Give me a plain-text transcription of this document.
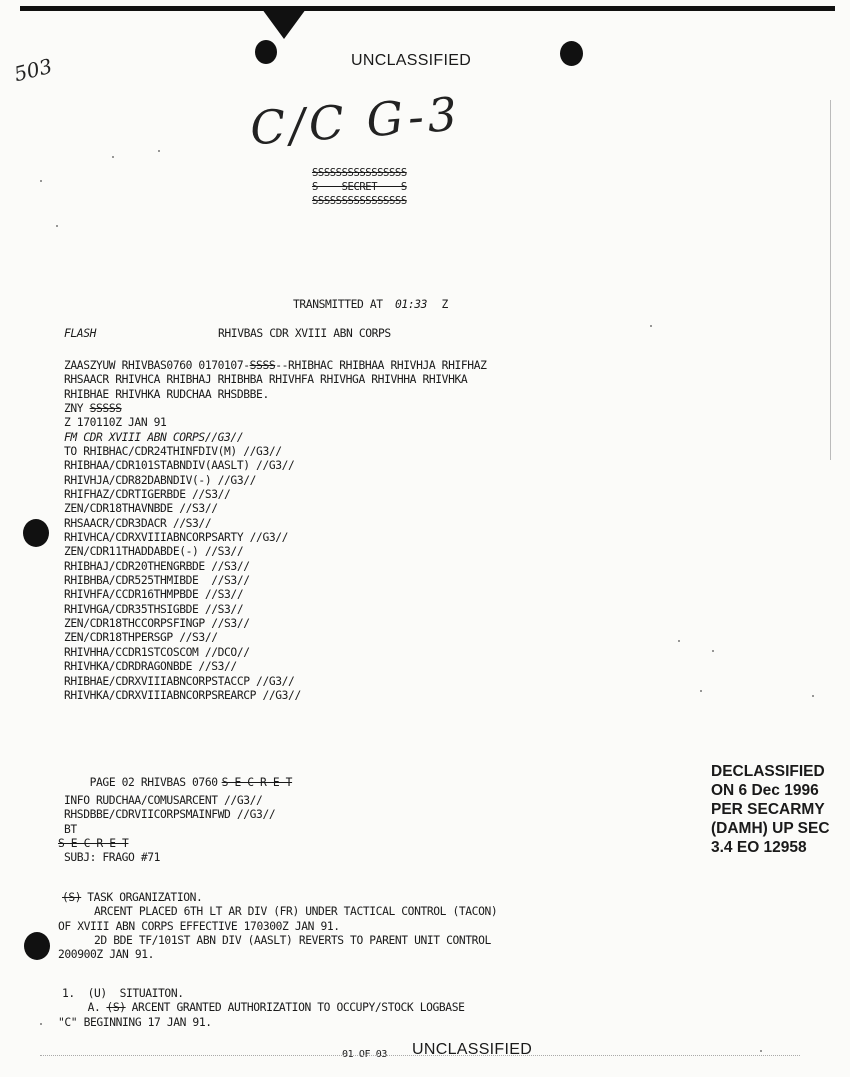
UNCLASSIFIED
503
C/C G-3
SSSSSSSSSSSSSSSS
S    SECRET    S
SSSSSSSSSSSSSSSS
TRANSMITTED AT 01:33 Z
FLASH	RHIVBAS CDR XVIII ABN CORPS
ZAASZYUW RHIVBAS0760 0170107-SSSS--RHIBHAC RHIBHAA RHIVHJA RHIFHAZ
RHSAACR RHIVHCA RHIBHAJ RHIBHBA RHIVHFA RHIVHGA RHIVHHA RHIVHKA
RHIBHAE RHIVHKA RUDCHAA RHSDBBE.
ZNY SSSSS
Z 170110Z JAN 91
FM CDR XVIII ABN CORPS//G3//
TO RHIBHAC/CDR24THINFDIV(M) //G3//
RHIBHAA/CDR101STABNDIV(AASLT) //G3//
RHIVHJA/CDR82DABNDIV(-) //G3//
RHIFHAZ/CDRTIGERBDE //S3//
ZEN/CDR18THAVNBDE //S3//
RHSAACR/CDR3DACR //S3//
RHIVHCA/CDRXVIIIABNCORPSARTY //G3//
ZEN/CDR11THADDABDE(-) //S3//
RHIBHAJ/CDR20THENGRBDE //S3//
RHIBHBA/CDR525THMIBDE  //S3//
RHIVHFA/CCDR16THMPBDE //S3//
RHIVHGA/CDR35THSIGBDE //S3//
ZEN/CDR18THCCORPSFINGP //S3//
ZEN/CDR18THPERSGP //S3//
RHIVHHA/CCDR1STCOSCOM //DCO//
RHIVHKA/CDRDRAGONBDE //S3//
RHIBHAE/CDRXVIIIABNCORPSTACCP //G3//
RHIVHKA/CDRXVIIIABNCORPSREARCP //G3//

PAGE 02 RHIVBAS 0760 S E C R E T

INFO RUDCHAA/COMUSARCENT //G3//
RHSDBBE/CDRVIICORPSMAINFWD //G3//
BT
S E C R E T
SUBJ: FRAGO #71
DECLASSIFIED
ON 6 Dec 1996
PER SECARMY
(DAMH) UP SEC
3.4 EO 12958
(S) TASK ORGANIZATION.
ARCENT PLACED 6TH LT AR DIV (FR) UNDER TACTICAL CONTROL (TACON)
OF XVIII ABN CORPS EFFECTIVE 170300Z JAN 91.
2D BDE TF/101ST ABN DIV (AASLT) REVERTS TO PARENT UNIT CONTROL
200900Z JAN 91.
1.  (U)  SITUAITON.
A. (S) ARCENT GRANTED AUTHORIZATION TO OCCUPY/STOCK LOGBASE
"C" BEGINNING 17 JAN 91.
01 OF 03 UNCLASSIFIED
